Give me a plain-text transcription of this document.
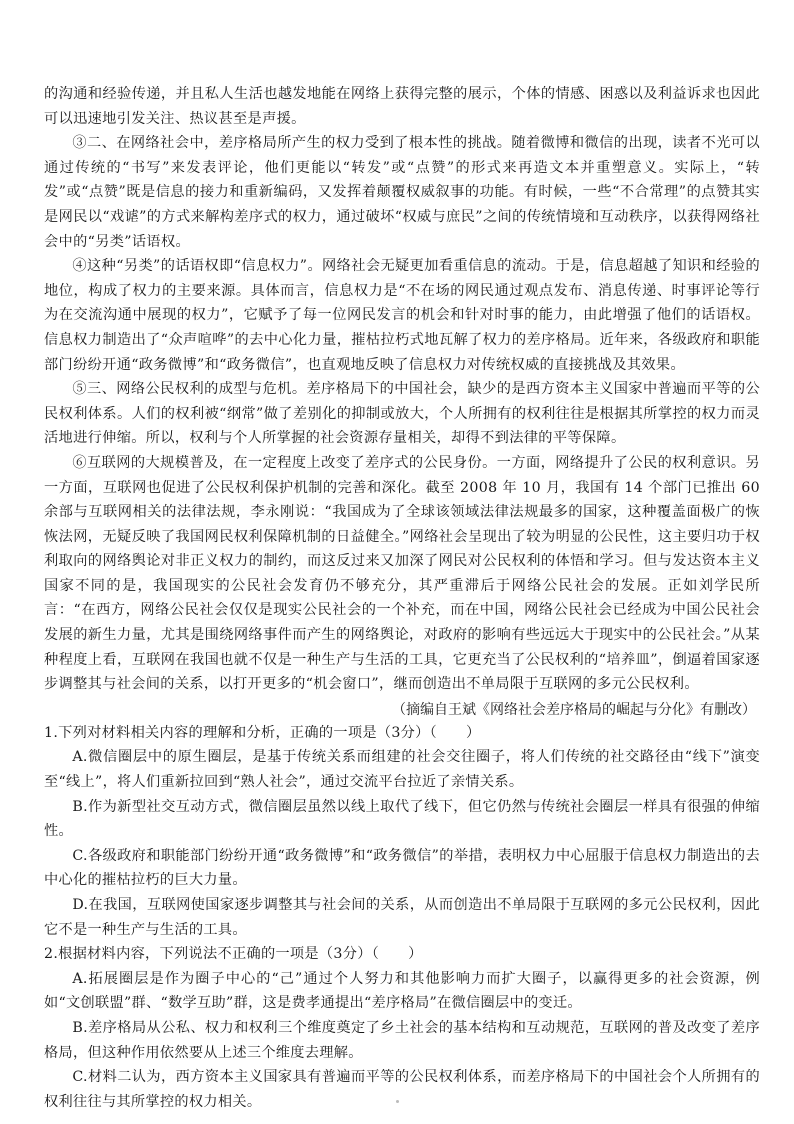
的沟通和经验传递，并且私人生活也越发地能在网络上获得完整的展示，个体的情感、困惑以及利益诉求也因此可以迅速地引发关注、热议甚至是声援。

③二、在网络社会中，差序格局所产生的权力受到了根本性的挑战。随着微博和微信的出现，读者不光可以通过传统的“书写”来发表评论，他们更能以“转发”或“点赞”的形式来再造文本并重塑意义。实际上，“转发”或“点赞”既是信息的接力和重新编码，又发挥着颠覆权威叙事的功能。有时候，一些“不合常理”的点赞其实是网民以“戏谑”的方式来解构差序式的权力，通过破坏“权威与庶民”之间的传统情境和互动秩序，以获得网络社会中的“另类”话语权。

④这种“另类”的话语权即“信息权力”。网络社会无疑更加看重信息的流动。于是，信息超越了知识和经验的地位，构成了权力的主要来源。具体而言，信息权力是“不在场的网民通过观点发布、消息传递、时事评论等行为在交流沟通中展现的权力”，它赋予了每一位网民发言的机会和针对时事的能力，由此增强了他们的话语权。信息权力制造出了“众声喧哗”的去中心化力量，摧枯拉朽式地瓦解了权力的差序格局。近年来，各级政府和职能部门纷纷开通“政务微博”和“政务微信”，也直观地反映了信息权力对传统权威的直接挑战及其效果。

⑤三、网络公民权利的成型与危机。差序格局下的中国社会，缺少的是西方资本主义国家中普遍而平等的公民权利体系。人们的权利被“纲常”做了差别化的抑制或放大，个人所拥有的权利往往是根据其所掌控的权力而灵活地进行伸缩。所以，权利与个人所掌握的社会资源存量相关，却得不到法律的平等保障。

⑥互联网的大规模普及，在一定程度上改变了差序式的公民身份。一方面，网络提升了公民的权利意识。另一方面，互联网也促进了公民权利保护机制的完善和深化。截至 2008 年 10 月，我国有 14 个部门已推出 60 余部与互联网相关的法律法规，李永刚说：“我国成为了全球该领域法律法规最多的国家，这种覆盖面极广的恢恢法网，无疑反映了我国网民权利保障机制的日益健全。”网络社会呈现出了较为明显的公民性，这主要归功于权利取向的网络舆论对非正义权力的制约，而这反过来又加深了网民对公民权利的体悟和学习。但与发达资本主义国家不同的是，我国现实的公民社会发育仍不够充分，其严重滞后于网络公民社会的发展。正如刘学民所言：“在西方，网络公民社会仅仅是现实公民社会的一个补充，而在中国，网络公民社会已经成为中国公民社会发展的新生力量，尤其是围绕网络事件而产生的网络舆论，对政府的影响有些远远大于现实中的公民社会。”从某种程度上看，互联网在我国也就不仅是一种生产与生活的工具，它更充当了公民权利的“培养皿”，倒逼着国家逐步调整其与社会间的关系，以打开更多的“机会窗口”，继而创造出不单局限于互联网的多元公民权利。

（摘编自王斌《网络社会差序格局的崛起与分化》有删改）

1.下列对材料相关内容的理解和分析，正确的一项是（3分）（　　）

A.微信圈层中的原生圈层，是基于传统关系而组建的社会交往圈子，将人们传统的社交路径由“线下”演变至“线上”，将人们重新拉回到“熟人社会”，通过交流平台拉近了亲情关系。

B.作为新型社交互动方式，微信圈层虽然以线上取代了线下，但它仍然与传统社会圈层一样具有很强的伸缩性。

C.各级政府和职能部门纷纷开通“政务微博”和“政务微信”的举措，表明权力中心屈服于信息权力制造出的去中心化的摧枯拉朽的巨大力量。

D.在我国，互联网使国家逐步调整其与社会间的关系，从而创造出不单局限于互联网的多元公民权利，因此它不是一种生产与生活的工具。

2.根据材料内容，下列说法不正确的一项是（3分）（　　）

A.拓展圈层是作为圈子中心的“己”通过个人努力和其他影响力而扩大圈子，以赢得更多的社会资源，例如“文创联盟”群、“数学互助”群，这是费孝通提出“差序格局”在微信圈层中的变迁。

B.差序格局从公私、权力和权利三个维度奠定了乡土社会的基本结构和互动规范，互联网的普及改变了差序格局，但这种作用依然要从上述三个维度去理解。

C.材料二认为，西方资本主义国家具有普遍而平等的公民权利体系，而差序格局下的中国社会个人所拥有的权利往往与其所掌控的权力相关。
